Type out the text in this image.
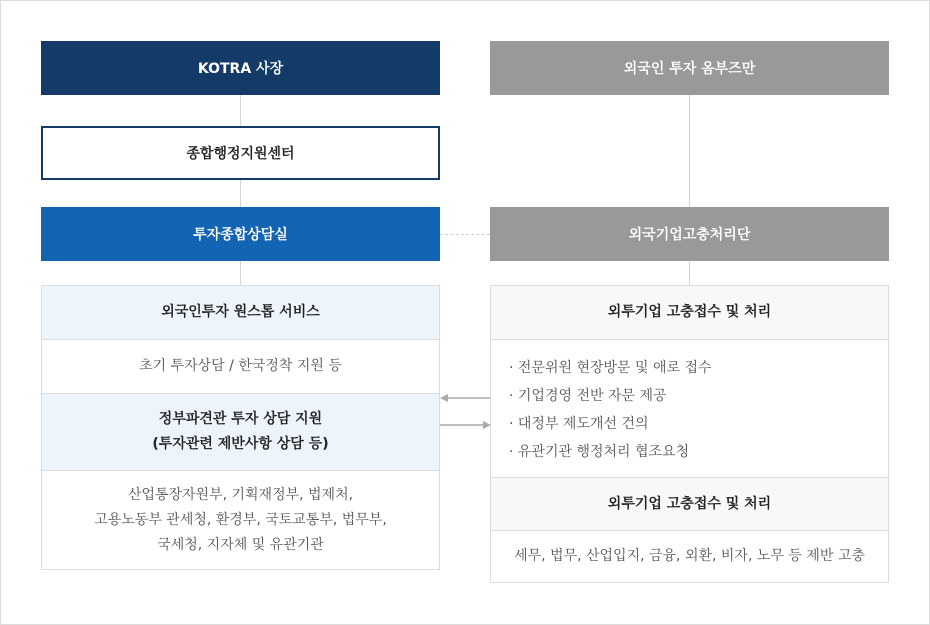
KOTRA 사장	외국인 투자 옴부즈만
종합행정지원센터
투자종합상담실	외국기업고충처리단
외국인투자 원스톱 서비스
초기 투자상담 / 한국정착 지원 등
정부파견관 투자 상담 지원
(투자관련 제반사항 상담 등)
산업통장자원부, 기획재정부, 법제처,
고용노동부 관세청, 환경부, 국토교통부, 법무부,
국세청, 지자체 및 유관기관
외투기업 고충접수 및 처리
· 전문위원 현장방문 및 애로 접수
· 기업경영 전반 자문 제공
· 대정부 제도개선 건의
· 유관기관 행정처리 협조요청
외투기업 고충접수 및 처리
세무, 법무, 산업입지, 금융, 외환, 비자, 노무 등 제반 고충
